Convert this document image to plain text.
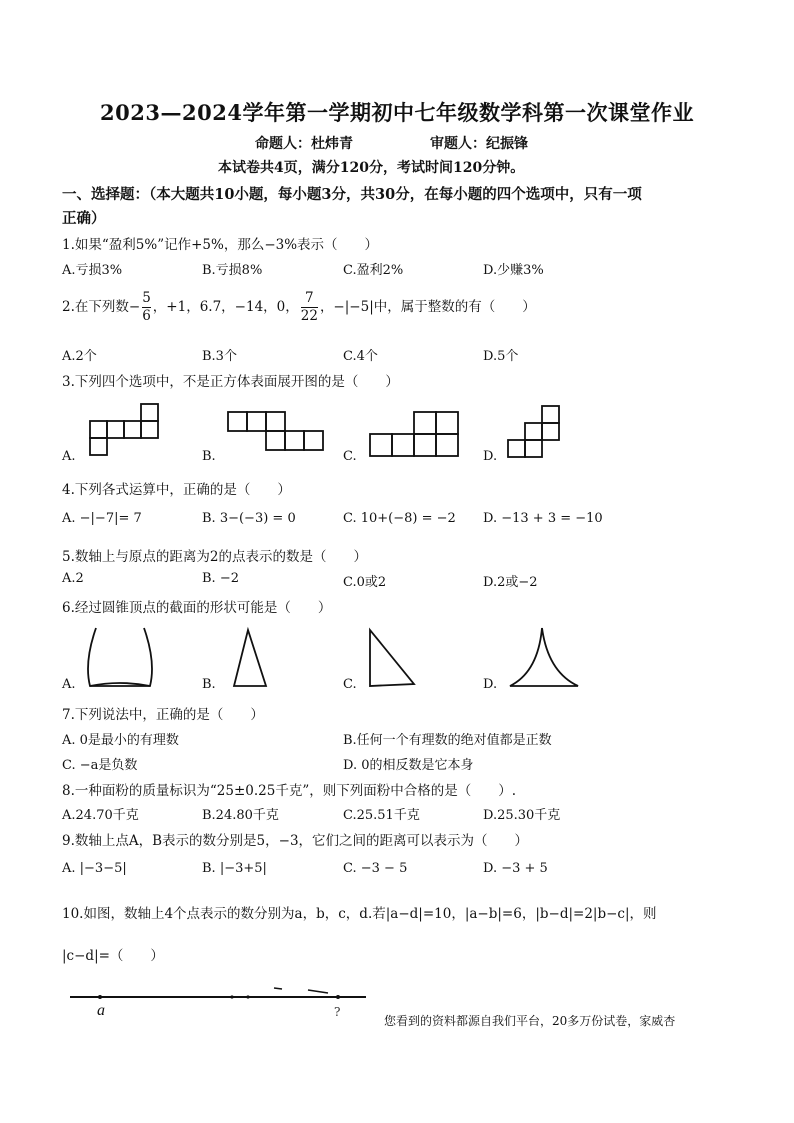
2023—2024学年第一学期初中七年级数学科第一次课堂作业
命题人：杜炜青	审题人：纪振锋
本试卷共4页，满分120分，考试时间120分钟。
一、选择题：（本大题共10小题，每小题3分，共30分，在每小题的四个选项中，只有一项
正确）
1.如果“盈利5%”记作+5%，那么−3%表示（　　）
A.亏损3%	B.亏损8%	C.盈利2%	D.少赚3%
2.在下列数− $\frac{5}{6}$ ，+1，6.7，−14，0， $\frac{7}{22}$ ，−|−5|中，属于整数的有（　　）
A.2个	B.3个	C.4个	D.5个
3.下列四个选项中，不是正方体表面展开图的是（　　）
A.	B.	C.	D.
4.下列各式运算中，正确的是（　　）
A. −|−7|= 7	B. 3−(−3) = 0	C. 10+(−8) = −2 D. −13 + 3 = −10
5.数轴上与原点的距离为2的点表示的数是（　　）
A.2	B. −2	C.0或2	D.2或−2
6.经过圆锥顶点的截面的形状可能是（　　）
A.	B.	C.	D.
7.下列说法中，正确的是（　　）
A. 0是最小的有理数	B.任何一个有理数的绝对值都是正数
C. −a是负数	D. 0的相反数是它本身
8.一种面粉的质量标识为“25±0.25千克”，则下列面粉中合格的是（　　）.
A.24.70千克	B.24.80千克	C.25.51千克	D.25.30千克
9.数轴上点A，B表示的数分别是5，−3，它们之间的距离可以表示为（　　）
A. |−3−5|	B. |−3+5|	C. −3 − 5	D. −3 + 5
10.如图，数轴上4个点表示的数分别为a，b，c，d.若|a−d|=10，|a−b|=6，|b−d|=2|b−c|，则
|c−d|=（　　）
?
a
您看到的资料都源自我们平台，20多万份试卷，家威杏
